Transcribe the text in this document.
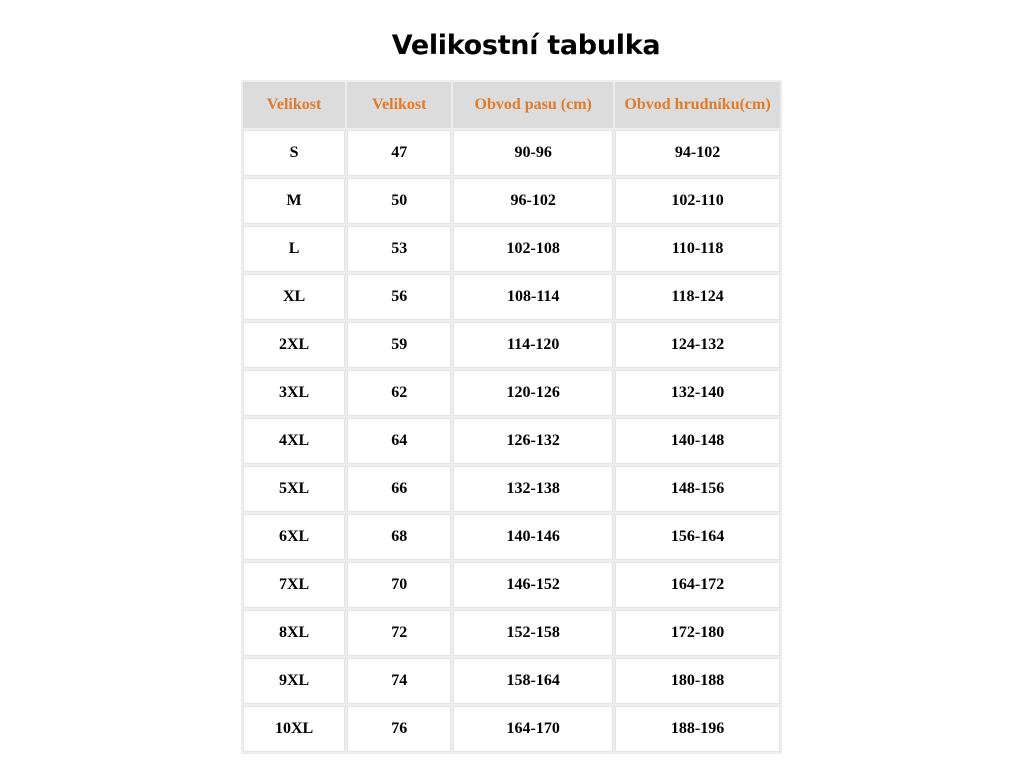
Velikostní tabulka
Velikost	Velikost	Obvod pasu (cm)	Obvod hrudníku(cm)
S	47	90-96	94-102
M	50	96-102	102-110
L	53	102-108	110-118
XL	56	108-114	118-124
2XL	59	114-120	124-132
3XL	62	120-126	132-140
4XL	64	126-132	140-148
5XL	66	132-138	148-156
6XL	68	140-146	156-164
7XL	70	146-152	164-172
8XL	72	152-158	172-180
9XL	74	158-164	180-188
10XL	76	164-170	188-196
